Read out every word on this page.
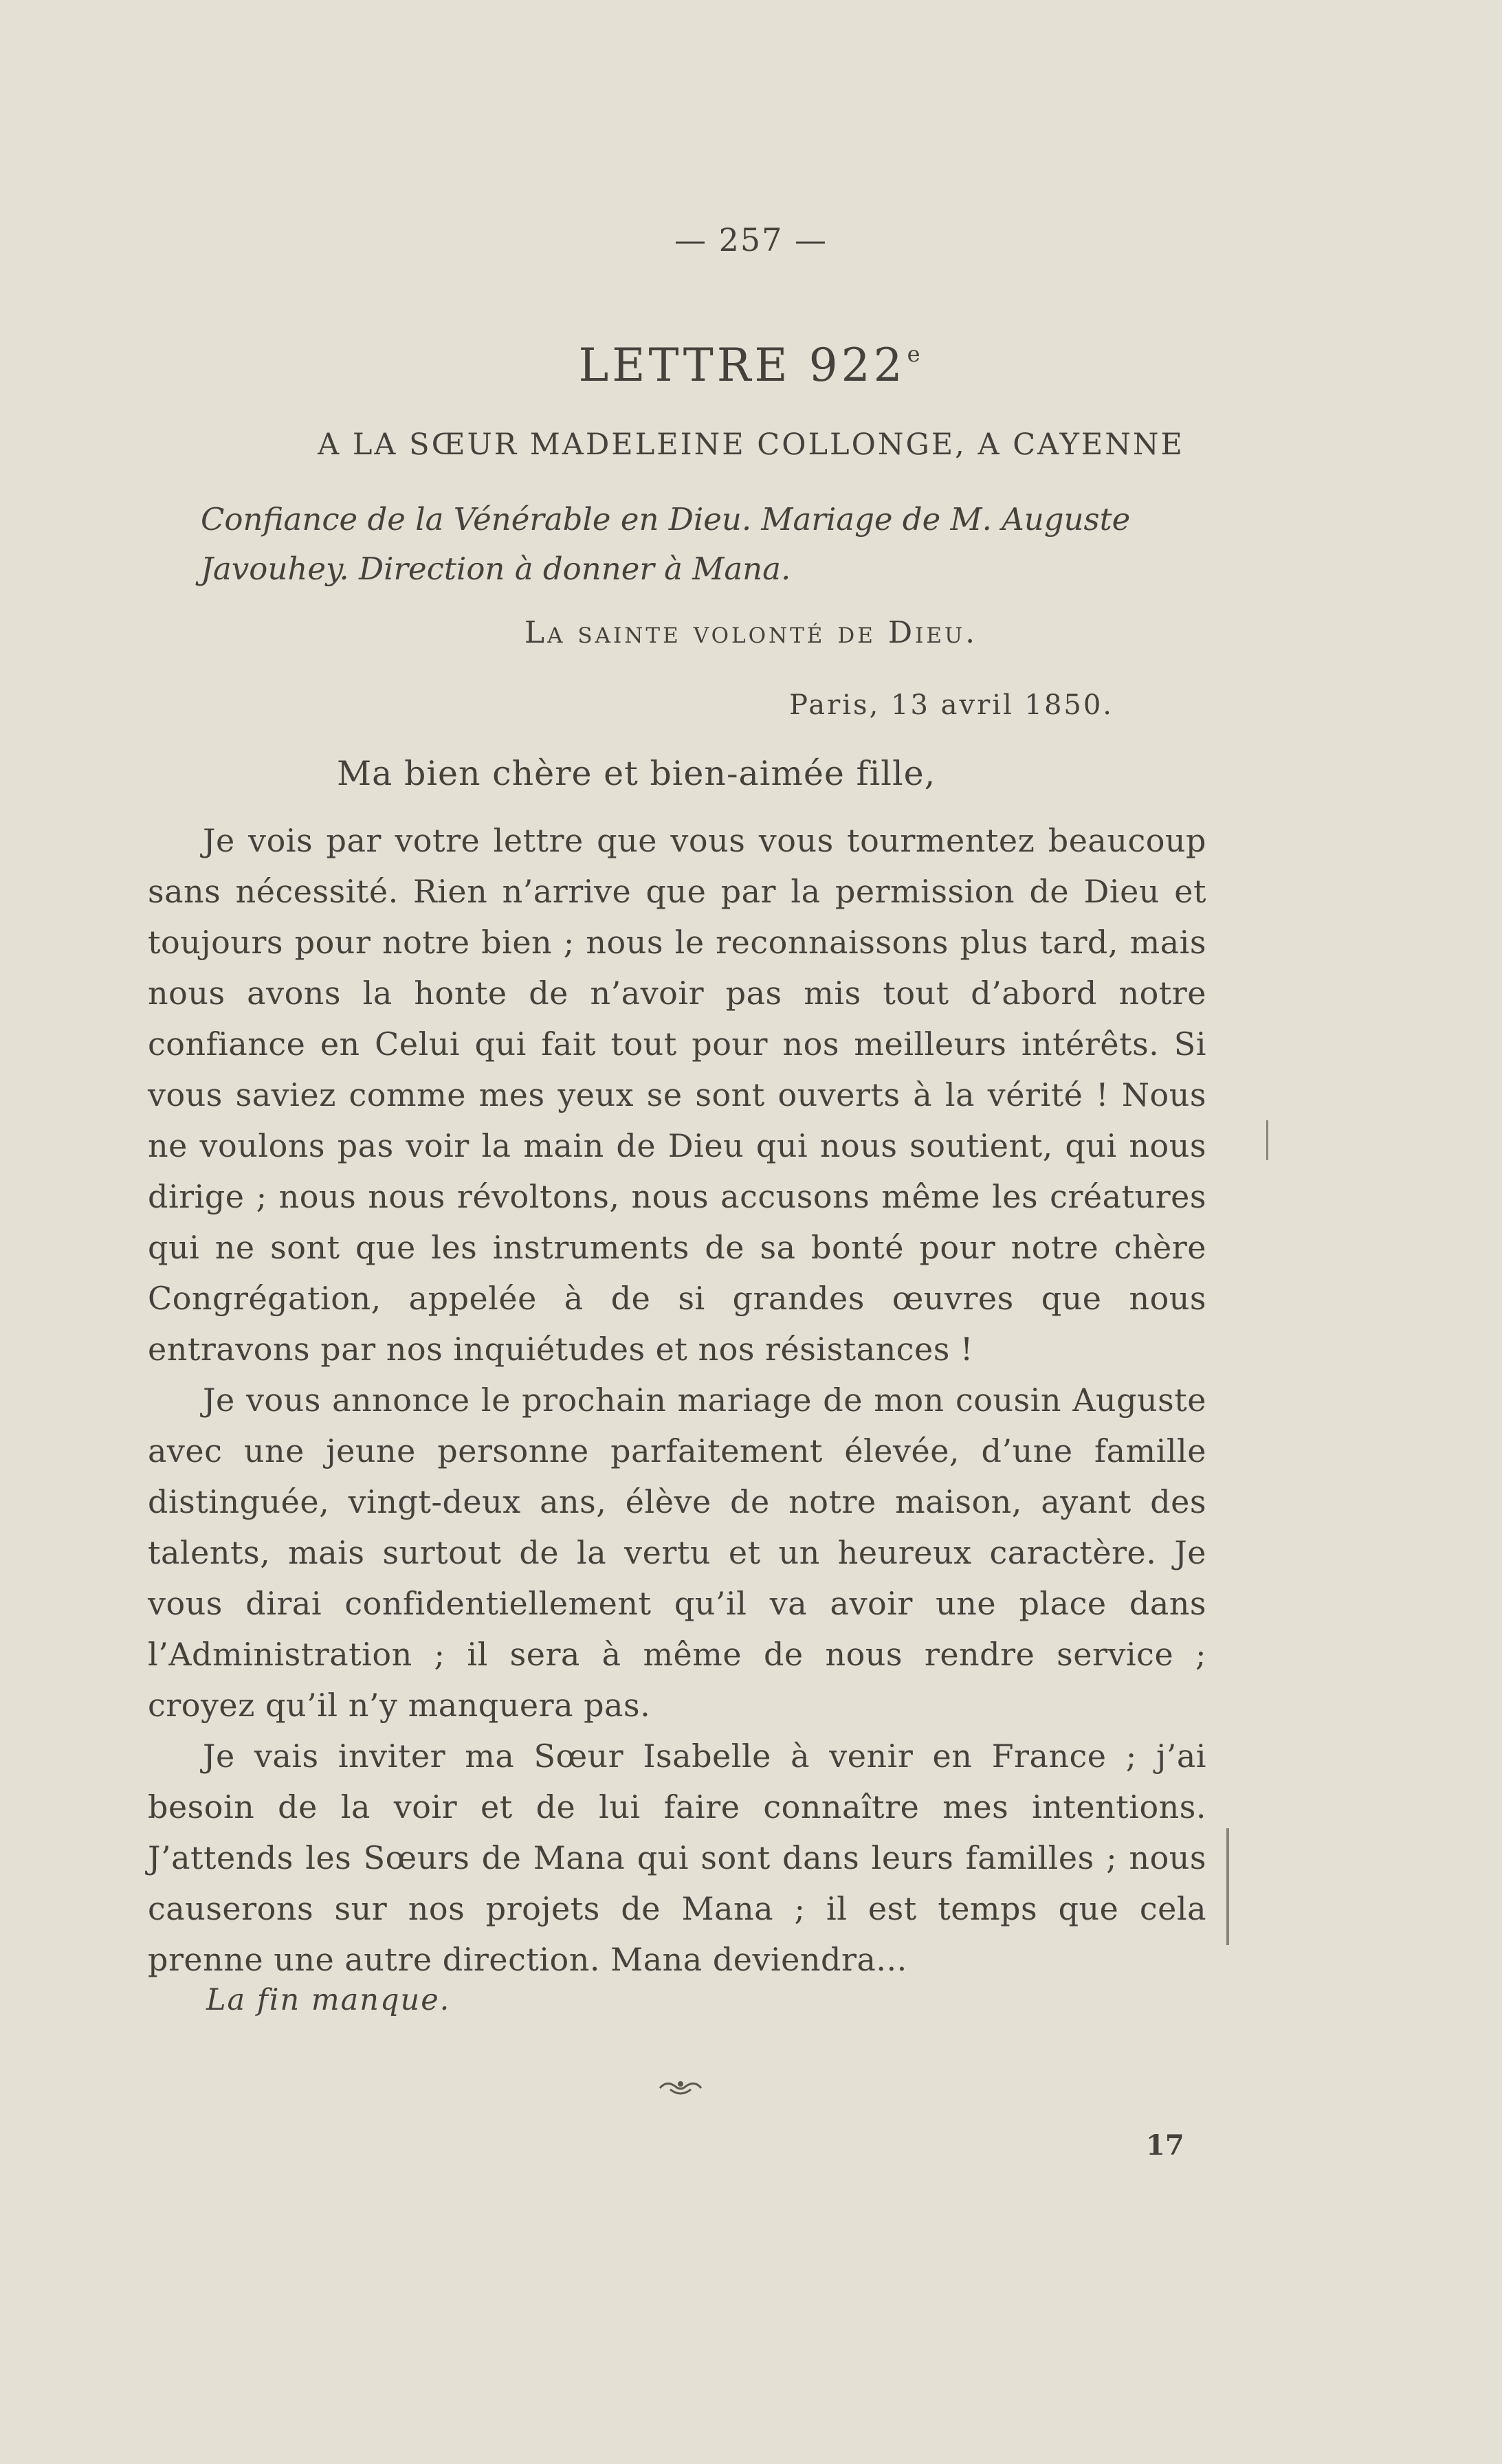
— 257 —
LETTRE 922e
A LA SŒUR MADELEINE COLLONGE, A CAYENNE
Confiance de la Vénérable en Dieu. Mariage de M. Auguste Javouhey. Direction à donner à Mana.
La sainte volonté de Dieu.
Paris, 13 avril 1850.
Ma bien chère et bien-aimée fille,

Je vois par votre lettre que vous vous tourmentez beaucoup sans nécessité. Rien n’arrive que par la permission de Dieu et toujours pour notre bien ; nous le reconnaissons plus tard, mais nous avons la honte de n’avoir pas mis tout d’abord notre confiance en Celui qui fait tout pour nos meilleurs intérêts. Si vous saviez comme mes yeux se sont ouverts à la vérité ! Nous ne voulons pas voir la main de Dieu qui nous soutient, qui nous dirige ; nous nous révoltons, nous accusons même les créatures qui ne sont que les instruments de sa bonté pour notre chère Congrégation, appelée à de si grandes œuvres que nous entravons par nos inquiétudes et nos résistances !

Je vous annonce le prochain mariage de mon cousin Auguste avec une jeune personne parfaitement élevée, d’une famille distinguée, vingt-deux ans, élève de notre maison, ayant des talents, mais surtout de la vertu et un heureux caractère. Je vous dirai confidentiellement qu’il va avoir une place dans l’Administration ; il sera à même de nous rendre service ; croyez qu’il n’y manquera pas.

Je vais inviter ma Sœur Isabelle à venir en France ; j’ai besoin de la voir et de lui faire connaître mes intentions. J’attends les Sœurs de Mana qui sont dans leurs familles ; nous causerons sur nos projets de Mana ; il est temps que cela prenne une autre direction. Mana deviendra...

La fin manque.
17
